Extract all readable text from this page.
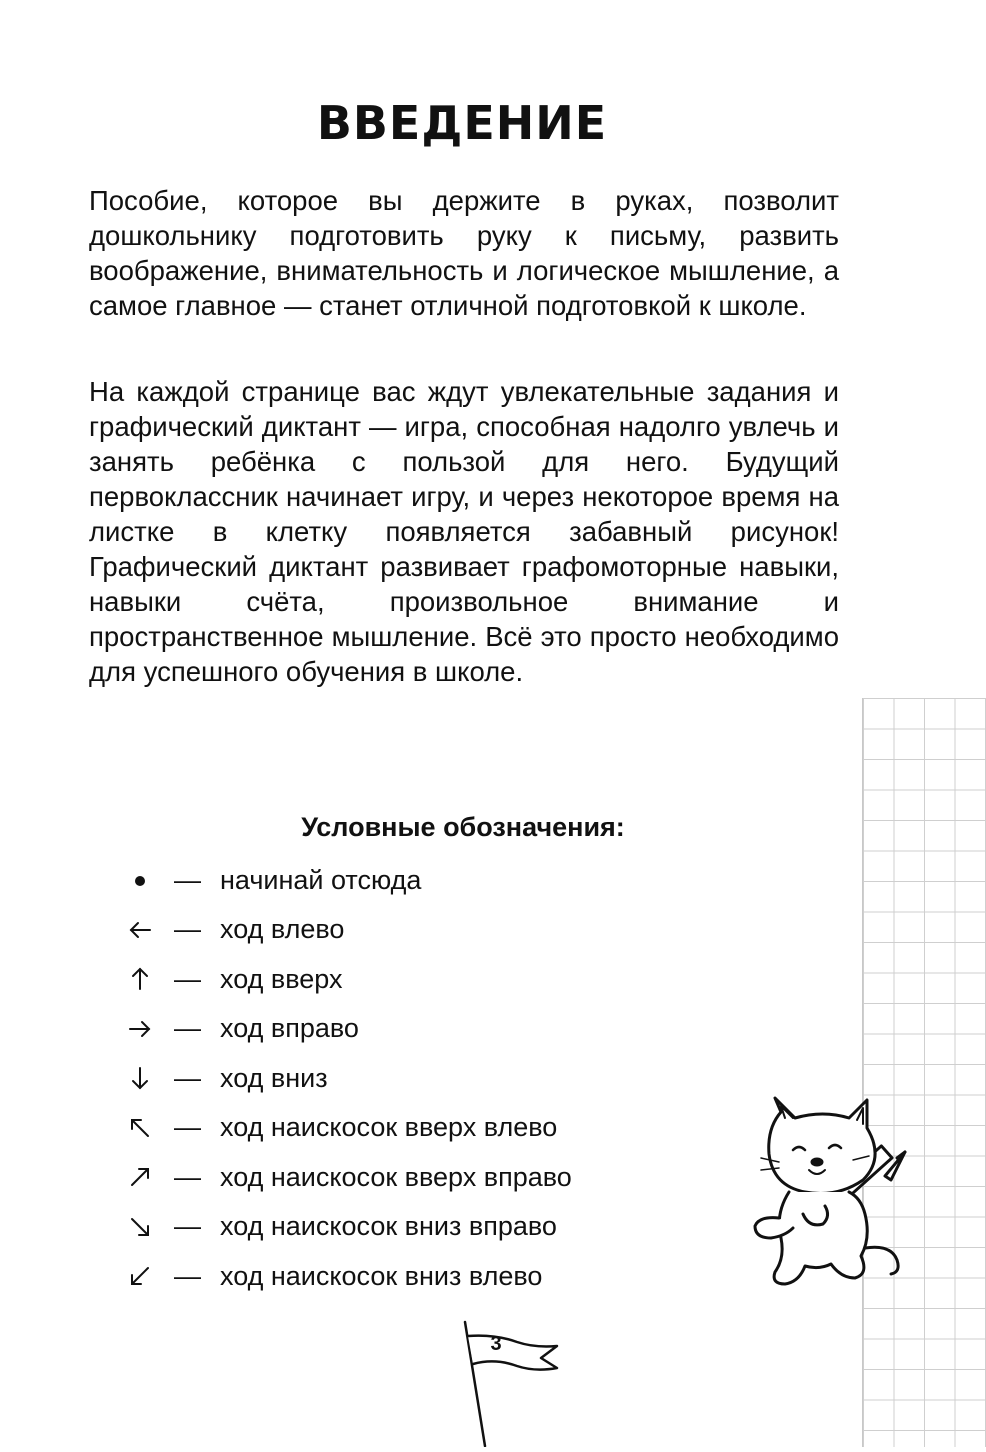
ВВЕДЕНИЕ

Пособие, которое вы держите в руках, позволит дошкольнику подготовить руку к письму, развить воображение, внимательность и логическое мышление, а самое главное — станет отличной подготовкой к школе.

На каждой странице вас ждут увлекательные задания и графический диктант — игра, способная надолго увлечь и занять ребёнка с пользой для него. Будущий первоклассник начинает игру, и через некоторое время на листке в клетку появляется забавный рисунок! Графический диктант развивает графомоторные навыки, навыки счёта, произвольное внимание и пространственное мышление. Всё это просто необходимо для успешного обучения в школе.

Условные обозначения:
— начинай отсюда
— ход влево
— ход вверх
— ход вправо
— ход вниз
— ход наискосок вверх влево
— ход наискосок вверх вправо
— ход наискосок вниз вправо
— ход наискосок вниз влево
3
